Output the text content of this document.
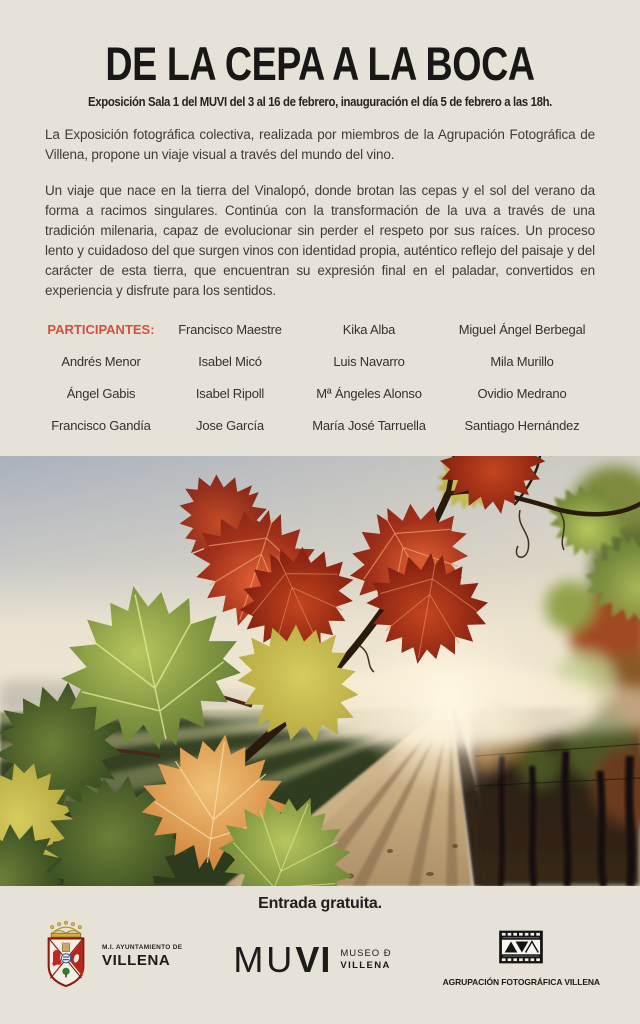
DE LA CEPA A LA BOCA

Exposición Sala 1 del MUVI del 3 al 16 de febrero, inauguración el día 5 de febrero a las 18h.

La Exposición fotográfica colectiva, realizada por miembros de la Agrupación Fotográfica de Villena, propone un viaje visual a través del mundo del vino.

Un viaje que nace en la tierra del Vinalopó, donde brotan las cepas y el sol del verano da forma a racimos singulares. Continúa con la transformación de la uva a través de una tradición milenaria, capaz de evolucionar sin perder el respeto por sus raíces. Un proceso lento y cuidadoso del que surgen vinos con identidad propia, auténtico reflejo del paisaje y del carácter de esta tierra, que encuentran su expresión final en el paladar, convertidos en experiencia y disfrute para los sentidos.

PARTICIPANTES:	Francisco Maestre	Kika Alba	Miguel Ángel Berbegal
Andrés Menor	Isabel Micó	Luis Navarro	Mila Murillo
Ángel Gabis	Isabel Ripoll	Mª Ángeles Alonso	Ovidio Medrano
Francisco Gandía	Jose García	María José Tarruella	Santiago Hernández
Entrada gratuita.
M.I. AYUNTAMIENTO DE
VILLENA	MUVI MUSEO Đ
VILLENA
AGRUPACIÓN FOTOGRÁFICA VILLENA
